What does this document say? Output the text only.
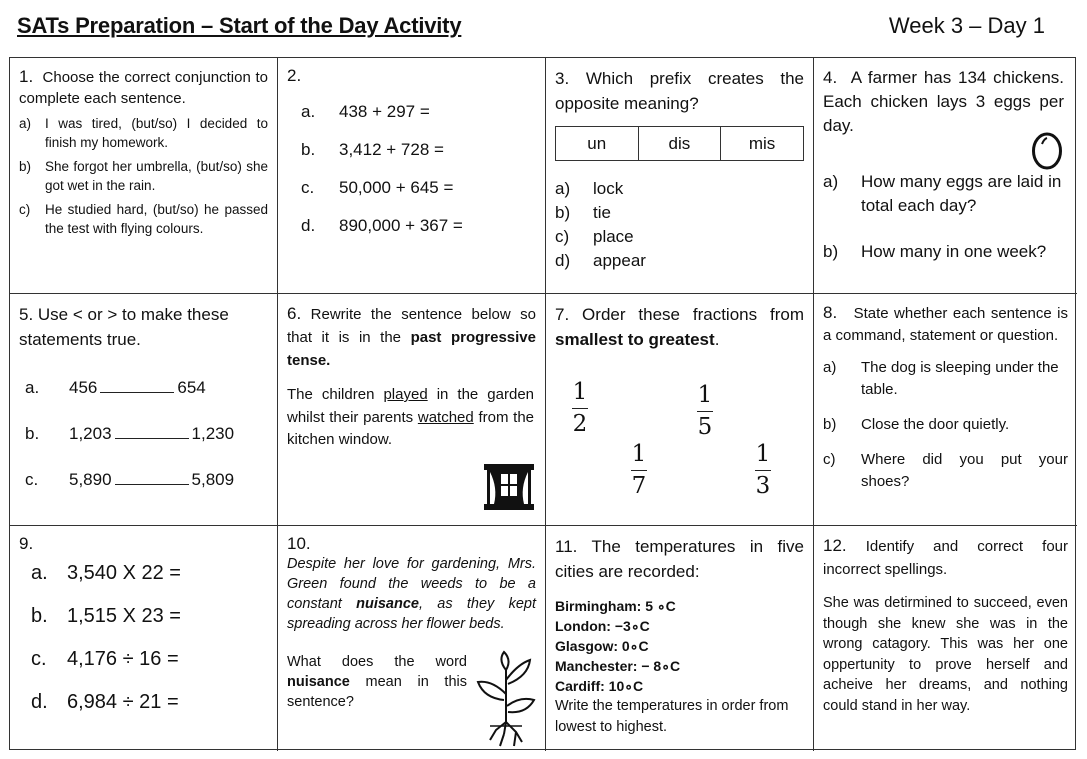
SATs Preparation – Start of the Day Activity	Week 3 – Day 1
1. Choose the correct conjunction to complete each sentence.
a)	I was tired, (but/so) I decided to finish my homework.
b)	She forgot her umbrella, (but/so) she got wet in the rain.
c)	He studied hard, (but/so) he passed the test with flying colours.
2.
a.	438 + 297 =
b.	3,412 + 728 =
c.	50,000 + 645 =
d.	890,000 + 367 =
3. Which prefix creates the opposite meaning?
un	dis	mis
a)	lock
b)	tie
c)	place
d)	appear
4. A farmer has 134 chickens. Each chicken lays 3 eggs per day.
a)	How many eggs are laid in total each day?
b)	How many in one week?
5. Use < or > to make these statements true.
a.	456	654
b.	1,203	1,230
c.	5,890	5,809
6. Rewrite the sentence below so that it is in the past progressive tense.
The children played in the garden whilst their parents watched from the kitchen window.
7. Order these fractions from smallest to greatest.
1
2
1
5
1
7
1
3
8. State whether each sentence is a command, statement or question.
a)	The dog is sleeping under the table.
b)	Close the door quietly.
c)	Where did you put your shoes?
9.
a. 3,540 X 22 =
b. 1,515 X 23 =
c.	4,176 ÷ 16 =
d. 6,984 ÷ 21 =
10.
Despite her love for gardening, Mrs. Green found the weeds to be a constant nuisance, as they kept spreading across her flower beds.
What does the word nuisance mean in this sentence?
11. The temperatures in five cities are recorded:
Birmingham: 5 ∘C
London: −3∘C
Glasgow: 0∘C
Manchester: − 8∘C
Cardiff: 10∘C
Write the temperatures in order from lowest to highest.
12. Identify and correct four incorrect spellings.
She was detirmined to succeed, even though she knew she was in the wrong catagory. This was her one oppertunity to prove herself and acheive her dreams, and nothing could stand in her way.
